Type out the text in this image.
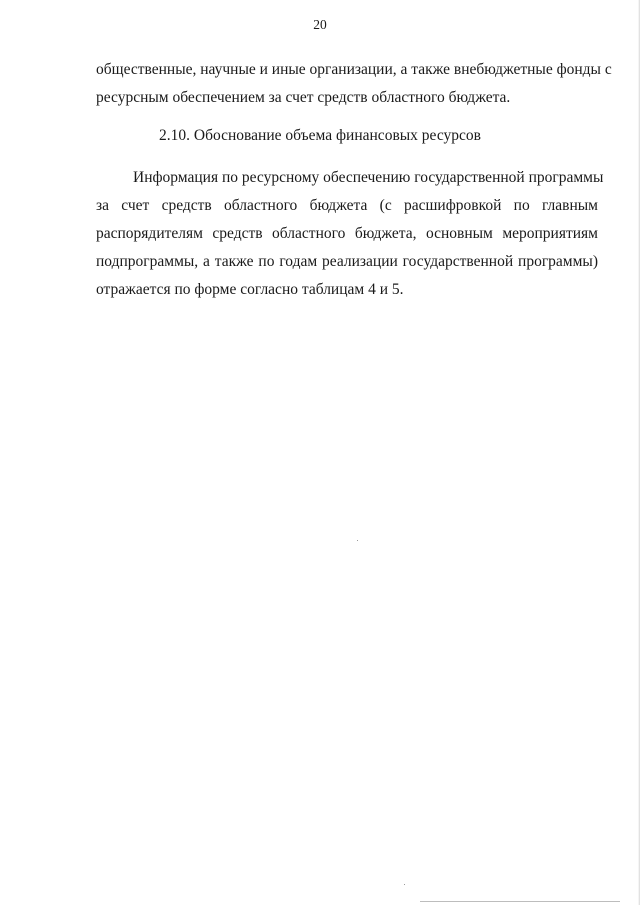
20

общественные, научные и иные организации, а также внебюджетные фонды с
ресурсным обеспечением за счет средств областного бюджета.

2.10. Обоснование объема финансовых ресурсов

Информация по ресурсному обеспечению государственной программы
за счет средств областного бюджета (с расшифровкой по главным
распорядителям средств областного бюджета, основным мероприятиям
подпрограммы, а также по годам реализации государственной программы)
отражается по форме согласно таблицам 4 и 5.
